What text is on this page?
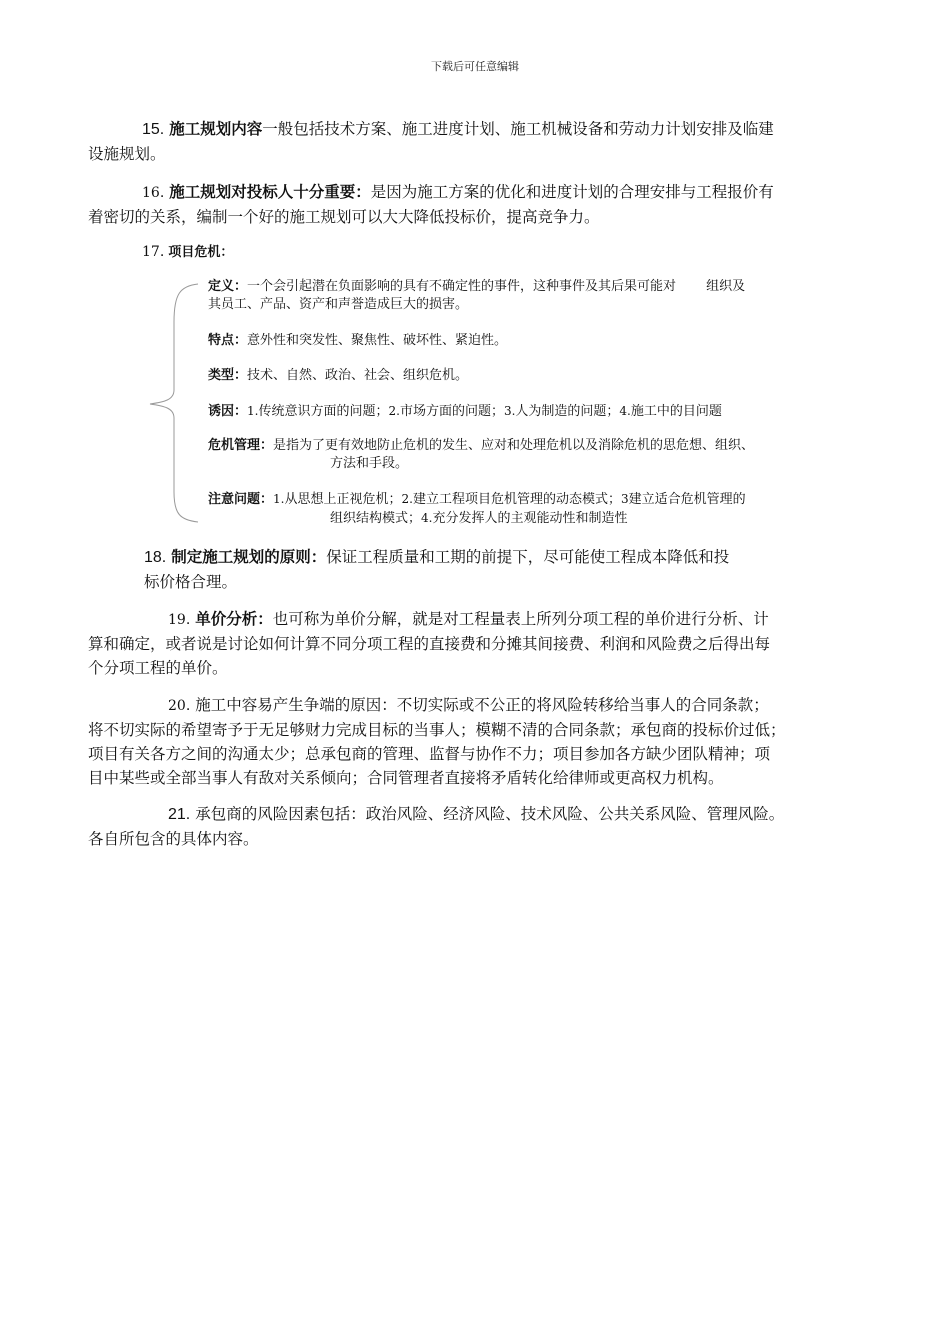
下载后可任意编辑
15. 施工规划内容一般包括技术方案、施工进度计划、施工机械设备和劳动力计划安排及临建
设施规划。
16. 施工规划对投标人十分重要：是因为施工方案的优化和进度计划的合理安排与工程报价有
着密切的关系，编制一个好的施工规划可以大大降低投标价，提高竞争力。
17. 项目危机：
定义：一个会引起潜在负面影响的具有不确定性的事件，这种事件及其后果可能对　　 组织及
其员工、产品、资产和声誉造成巨大的损害。
特点：意外性和突发性、聚焦性、破坏性、紧迫性。
类型：技术、自然、政治、社会、组织危机。
诱因：1.传统意识方面的问题；2.市场方面的问题；3.人为制造的问题；4.施工中的目问题
危机管理：是指为了更有效地防止危机的发生、应对和处理危机以及消除危机的思危想、组织、
方法和手段。
注意问题：1.从思想上正视危机；2.建立工程项目危机管理的动态模式；3建立适合危机管理的
组织结构模式；4.充分发挥人的主观能动性和制造性
18. 制定施工规划的原则：保证工程质量和工期的前提下，尽可能使工程成本降低和投
标价格合理。
19. 单价分析：也可称为单价分解，就是对工程量表上所列分项工程的单价进行分析、计
算和确定，或者说是讨论如何计算不同分项工程的直接费和分摊其间接费、利润和风险费之后得出每
个分项工程的单价。
20. 施工中容易产生争端的原因：不切实际或不公正的将风险转移给当事人的合同条款；
将不切实际的希望寄予于无足够财力完成目标的当事人；模糊不清的合同条款；承包商的投标价过低；
项目有关各方之间的沟通太少；总承包商的管理、监督与协作不力；项目参加各方缺少团队精神；项
目中某些或全部当事人有敌对关系倾向；合同管理者直接将矛盾转化给律师或更高权力机构。
21. 承包商的风险因素包括：政治风险、经济风险、技术风险、公共关系风险、管理风险。
各自所包含的具体内容。
